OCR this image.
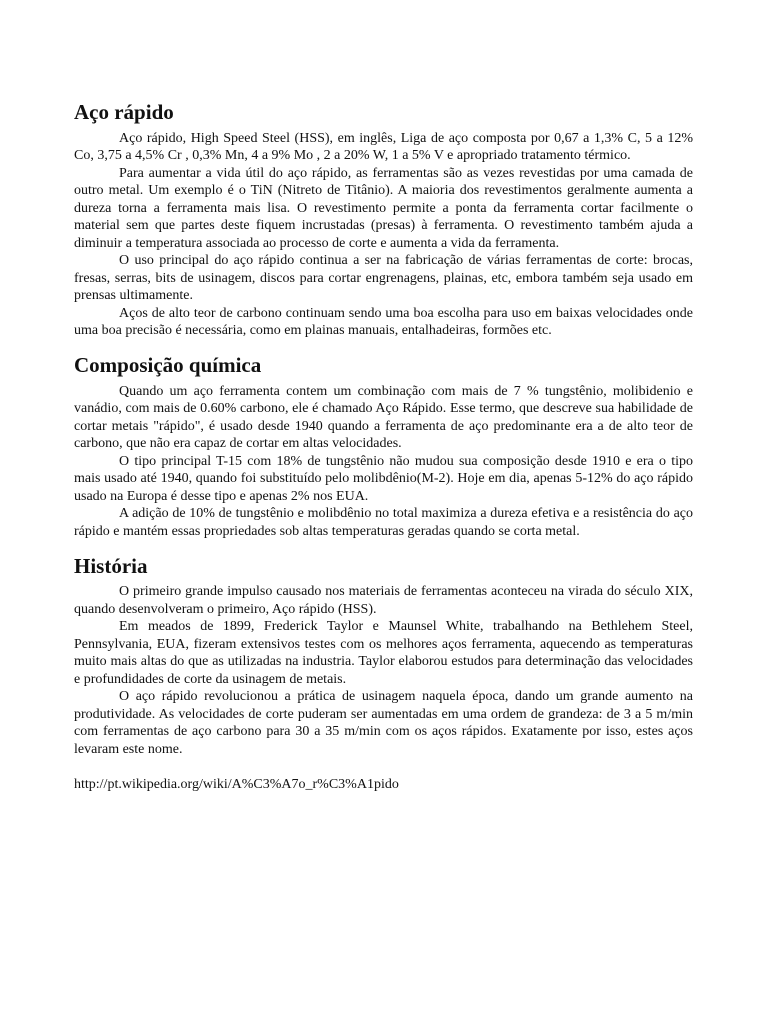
Aço rápido

Aço rápido, High Speed Steel (HSS), em inglês, Liga de aço composta por 0,67 a 1,3% C, 5 a 12% Co, 3,75 a 4,5% Cr , 0,3% Mn, 4 a 9% Mo , 2 a 20% W, 1 a 5% V e apropriado tratamento térmico.

Para aumentar a vida útil do aço rápido, as ferramentas são as vezes revestidas por uma camada de outro metal. Um exemplo é o TiN (Nitreto de Titânio). A maioria dos revestimentos geralmente aumenta a dureza torna a ferramenta mais lisa. O revestimento permite a ponta da ferramenta cortar facilmente o material sem que partes deste fiquem incrustadas (presas) à ferramenta. O revestimento também ajuda a diminuir a temperatura associada ao processo de corte e aumenta a vida da ferramenta.

O uso principal do aço rápido continua a ser na fabricação de várias ferramentas de corte: brocas, fresas, serras, bits de usinagem, discos para cortar engrenagens, plainas, etc, embora também seja usado em prensas ultimamente.

Aços de alto teor de carbono continuam sendo uma boa escolha para uso em baixas velocidades onde uma boa precisão é necessária, como em plainas manuais, entalhadeiras, formões etc.

Composição química

Quando um aço ferramenta contem um combinação com mais de 7 % tungstênio, molibidenio e vanádio, com mais de 0.60% carbono, ele é chamado Aço Rápido. Esse termo, que descreve sua habilidade de cortar metais "rápido", é usado desde 1940 quando a ferramenta de aço predominante era a de alto teor de carbono, que não era capaz de cortar em altas velocidades.

O tipo principal T-15 com 18% de tungstênio não mudou sua composição desde 1910 e era o tipo mais usado até 1940, quando foi substituído pelo molibdênio(M-2). Hoje em dia, apenas 5-12% do aço rápido usado na Europa é desse tipo e apenas 2% nos EUA.

A adição de 10% de tungstênio e molibdênio no total maximiza a dureza efetiva e a resistência do aço rápido e mantém essas propriedades sob altas temperaturas geradas quando se corta metal.

História

O primeiro grande impulso causado nos materiais de ferramentas aconteceu na virada do século XIX, quando desenvolveram o primeiro, Aço rápido (HSS).

Em meados de 1899, Frederick Taylor e Maunsel White, trabalhando na Bethlehem Steel, Pennsylvania, EUA, fizeram extensivos testes com os melhores aços ferramenta, aquecendo as temperaturas muito mais altas do que as utilizadas na industria. Taylor elaborou estudos para determinação das velocidades e profundidades de corte da usinagem de metais.

O aço rápido revolucionou a prática de usinagem naquela época, dando um grande aumento na produtividade. As velocidades de corte puderam ser aumentadas em uma ordem de grandeza: de 3 a 5 m/min com ferramentas de aço carbono para 30 a 35 m/min com os aços rápidos. Exatamente por isso, estes aços levaram este nome.

http://pt.wikipedia.org/wiki/A%C3%A7o_r%C3%A1pido
